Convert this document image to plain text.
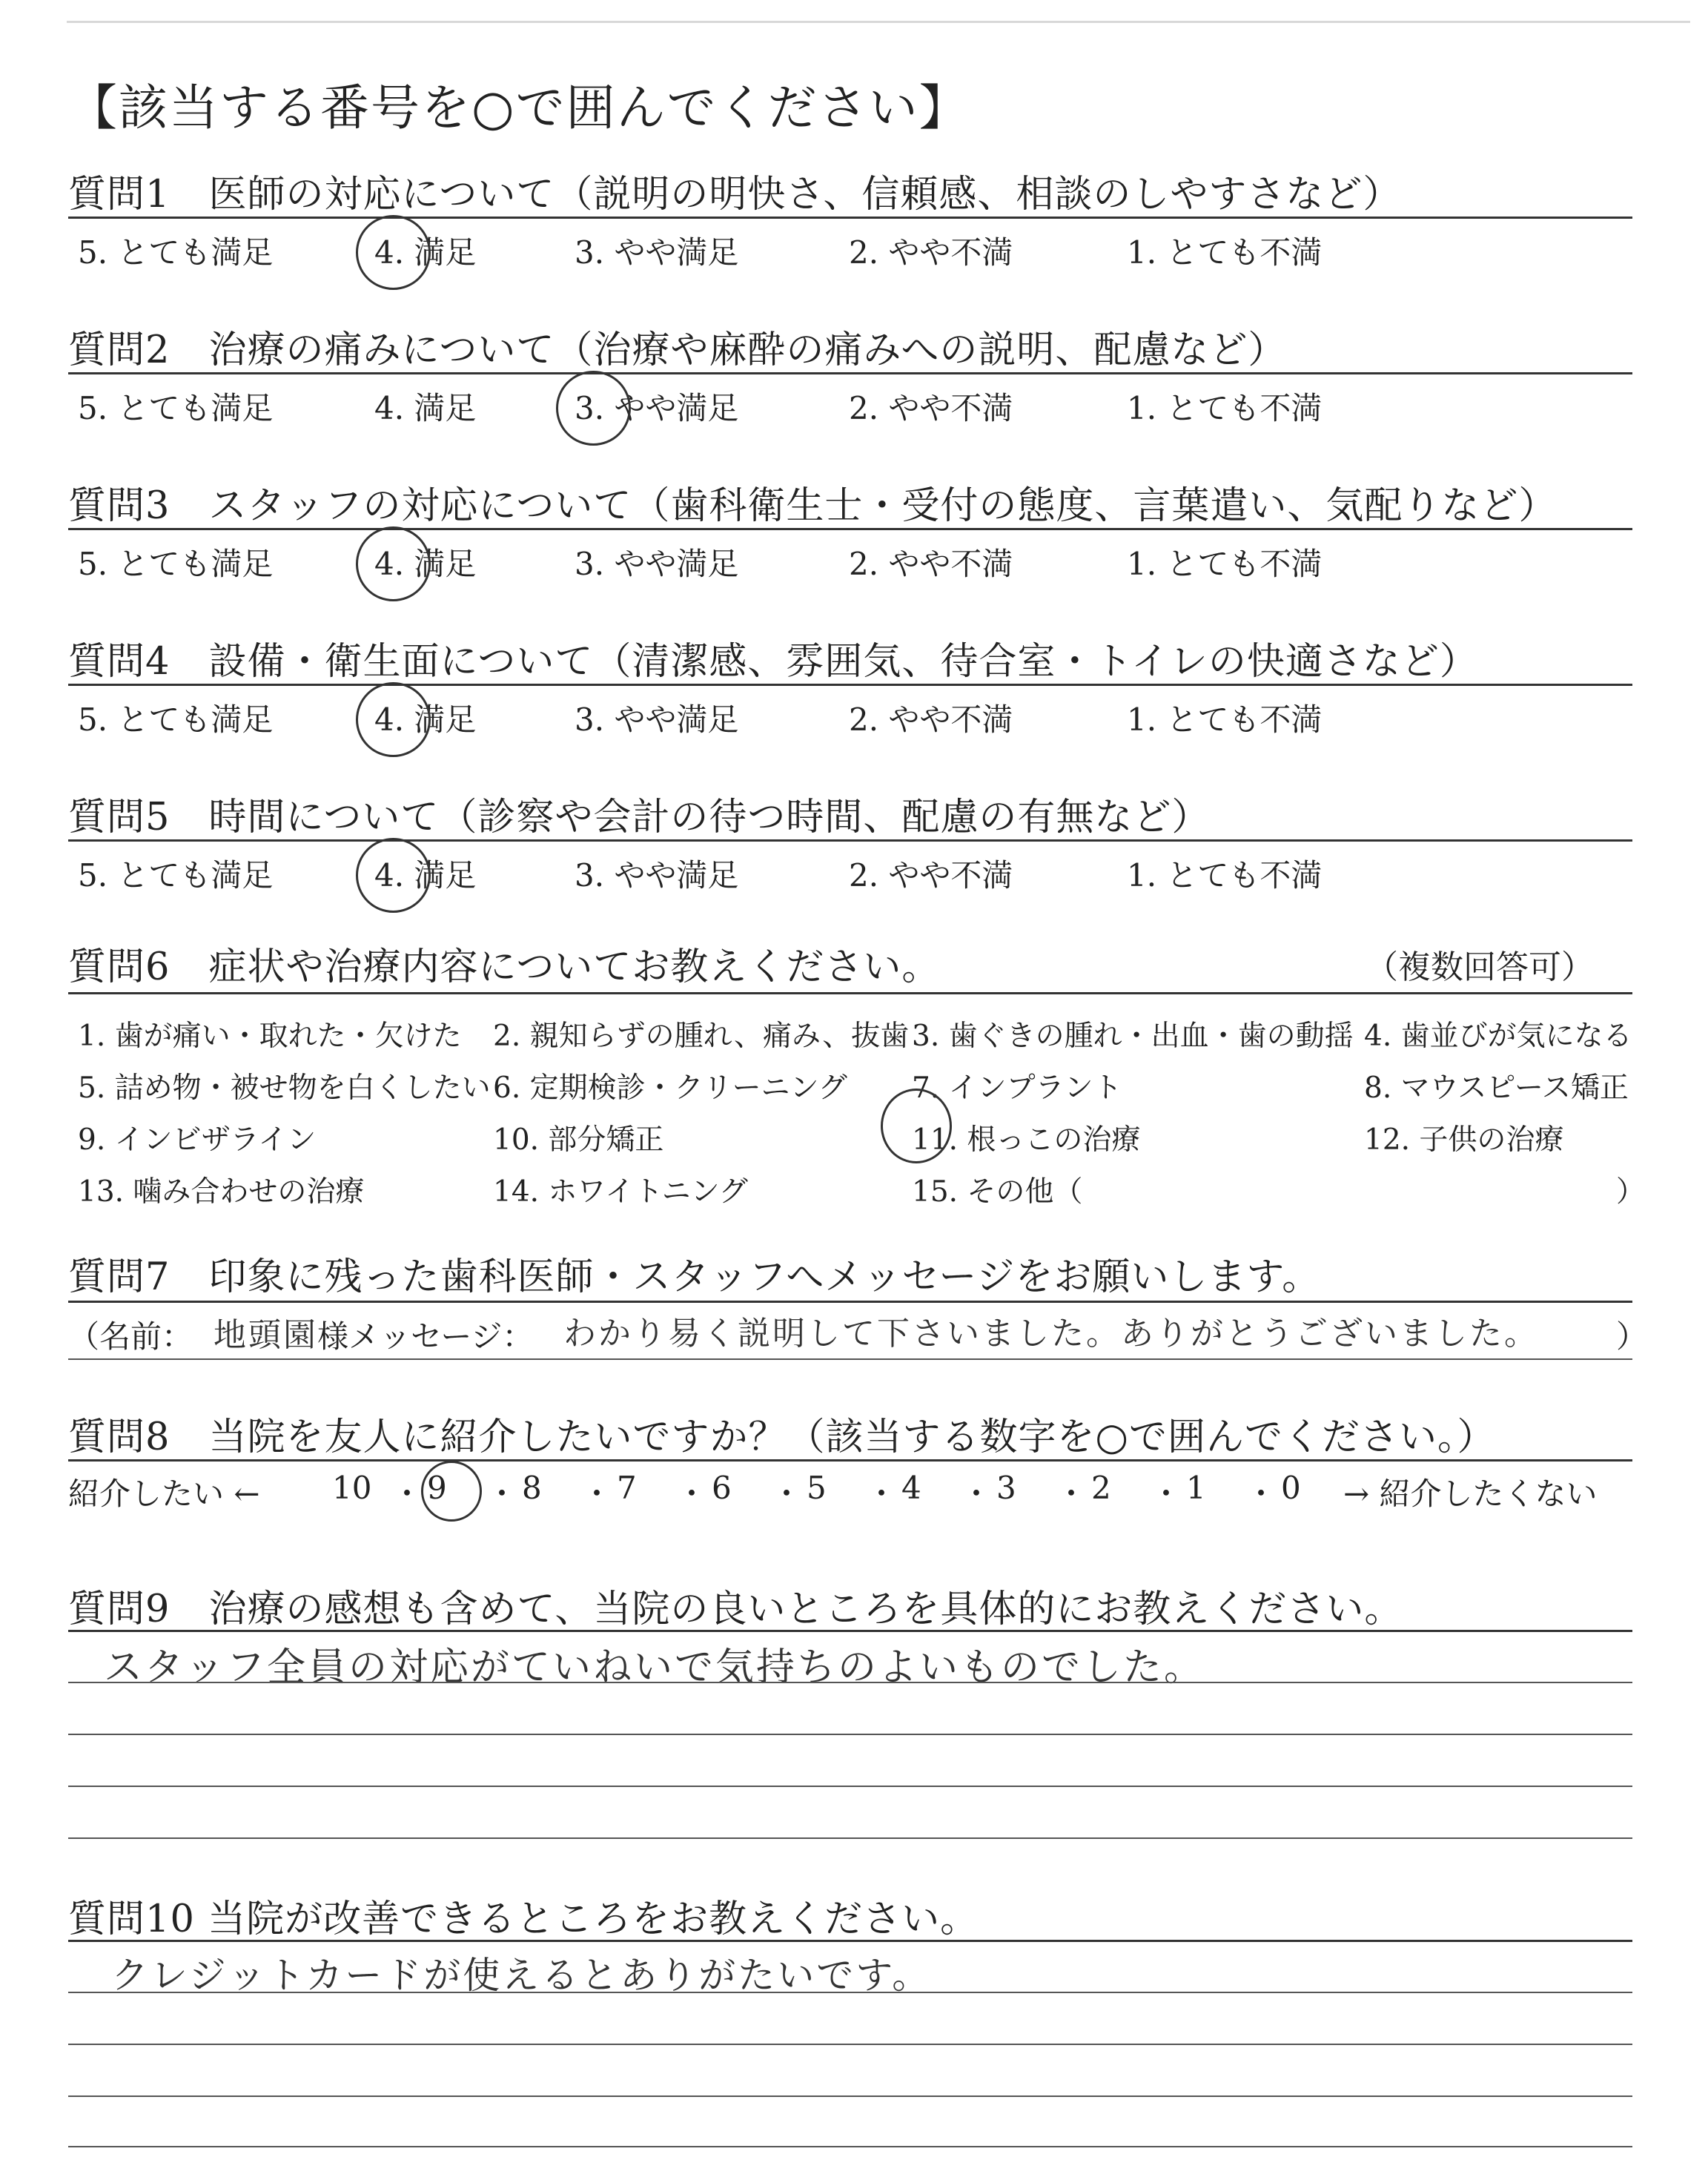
【該当する番号を○で囲んでください】
質問1　医師の対応について（説明の明快さ、信頼感、相談のしやすさなど）
5. とても満足	4. 満足	3. やや満足	2. やや不満	1. とても不満
質問2　治療の痛みについて（治療や麻酔の痛みへの説明、配慮など）
5. とても満足	4. 満足	3. やや満足	2. やや不満	1. とても不満
質問3　スタッフの対応について（歯科衛生士・受付の態度、言葉遣い、気配りなど）
5. とても満足	4. 満足	3. やや満足	2. やや不満	1. とても不満
質問4　設備・衛生面について（清潔感、雰囲気、待合室・トイレの快適さなど）
5. とても満足	4. 満足	3. やや満足	2. やや不満	1. とても不満
質問5　時間について（診察や会計の待つ時間、配慮の有無など）
5. とても満足	4. 満足	3. やや満足	2. やや不満	1. とても不満
質問6　症状や治療内容についてお教えください。	（複数回答可）
1. 歯が痛い・取れた・欠けた 2. 親知らずの腫れ、痛み、抜歯 3. 歯ぐきの腫れ・出血・歯の動揺 4. 歯並びが気になる
5. 詰め物・被せ物を白くしたい 6. 定期検診・クリーニング 7. インプラント	8. マウスピース矯正
9. インビザライン	10. 部分矯正	11. 根っこの治療	12. 子供の治療
13. 噛み合わせの治療	14. ホワイトニング	15. その他（	）
質問7　印象に残った歯科医師・スタッフへメッセージをお願いします。
（名前： 地頭園 様メッセージ： わかり易く説明して下さいました。ありがとうございました。 ）
質問8　当院を友人に紹介したいですか？（該当する数字を○で囲んでください。）
紹介したい ← 10 ・ 9 ・ 8 ・ 7 ・ 6 ・ 5 ・ 4 ・ 3 ・ 2 ・ 1 ・ 0 → 紹介したくない
質問9　治療の感想も含めて、当院の良いところを具体的にお教えください。
スタッフ全員の対応がていねいで気持ちのよいものでした。
質問10 当院が改善できるところをお教えください。
クレジットカードが使えるとありがたいです。
